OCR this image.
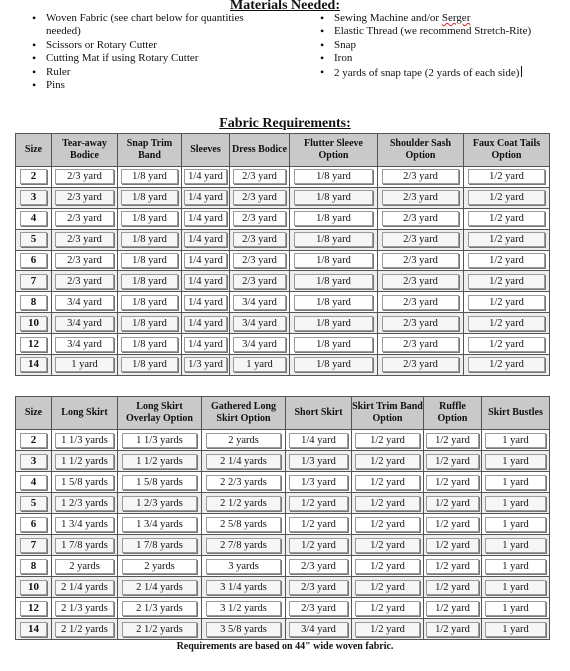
Materials Needed:
• Woven Fabric (see chart below for quantities needed)
• Scissors or Rotary Cutter
• Cutting Mat if using Rotary Cutter
• Ruler
• Pins
• Sewing Machine and/or Serger
• Elastic Thread (we recommend Stretch-Rite)
• Snap
• Iron
• 2 yards of snap tape (2 yards of each side)
Fabric Requirements:
Size	Tear-away Bodice	Snap Trim Band	Sleeves	Dress Bodice	Flutter Sleeve Option	Shoulder Sash Option	Faux Coat Tails Option
2	2/3 yard	1/8 yard	1/4 yard	2/3 yard	1/8 yard	2/3 yard	1/2 yard
3	2/3 yard	1/8 yard	1/4 yard	2/3 yard	1/8 yard	2/3 yard	1/2 yard
4	2/3 yard	1/8 yard	1/4 yard	2/3 yard	1/8 yard	2/3 yard	1/2 yard
5	2/3 yard	1/8 yard	1/4 yard	2/3 yard	1/8 yard	2/3 yard	1/2 yard
6	2/3 yard	1/8 yard	1/4 yard	2/3 yard	1/8 yard	2/3 yard	1/2 yard
7	2/3 yard	1/8 yard	1/4 yard	2/3 yard	1/8 yard	2/3 yard	1/2 yard
8	3/4 yard	1/8 yard	1/4 yard	3/4 yard	1/8 yard	2/3 yard	1/2 yard
10	3/4 yard	1/8 yard	1/4 yard	3/4 yard	1/8 yard	2/3 yard	1/2 yard
12	3/4 yard	1/8 yard	1/4 yard	3/4 yard	1/8 yard	2/3 yard	1/2 yard
14	1 yard	1/8 yard	1/3 yard	1 yard	1/8 yard	2/3 yard	1/2 yard
Size	Long Skirt	Long Skirt Overlay Option	Gathered Long Skirt Option	Short Skirt	Skirt Trim Band Option	Ruffle Option	Skirt Bustles
2	1 1/3 yards	1 1/3 yards	2 yards	1/4 yard	1/2 yard	1/2 yard	1 yard
3	1 1/2 yards	1 1/2 yards	2 1/4 yards	1/3 yard	1/2 yard	1/2 yard	1 yard
4	1 5/8 yards	1 5/8 yards	2 2/3 yards	1/3 yard	1/2 yard	1/2 yard	1 yard
5	1 2/3 yards	1 2/3 yards	2 1/2 yards	1/2 yard	1/2 yard	1/2 yard	1 yard
6	1 3/4 yards	1 3/4 yards	2 5/8 yards	1/2 yard	1/2 yard	1/2 yard	1 yard
7	1 7/8 yards	1 7/8 yards	2 7/8 yards	1/2 yard	1/2 yard	1/2 yard	1 yard
8	2 yards	2 yards	3 yards	2/3 yard	1/2 yard	1/2 yard	1 yard
10	2 1/4 yards	2 1/4 yards	3 1/4 yards	2/3 yard	1/2 yard	1/2 yard	1 yard
12	2 1/3 yards	2 1/3 yards	3 1/2 yards	2/3 yard	1/2 yard	1/2 yard	1 yard
14	2 1/2 yards	2 1/2 yards	3 5/8 yards	3/4 yard	1/2 yard	1/2 yard	1 yard
Requirements are based on 44" wide woven fabric.
